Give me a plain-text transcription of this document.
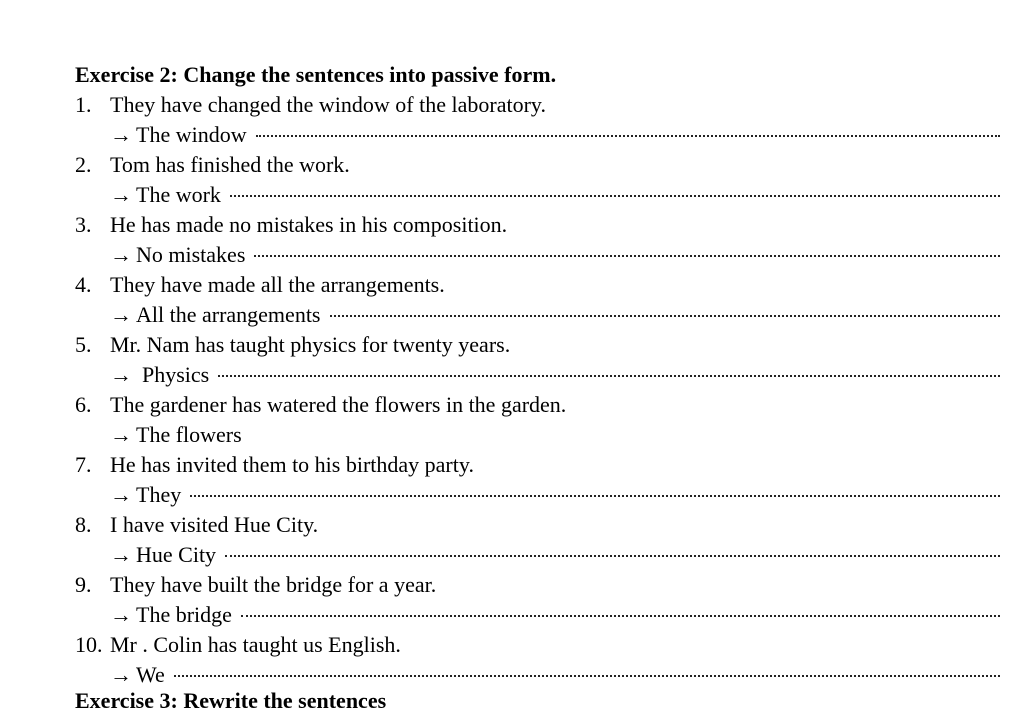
Exercise 2: Change the sentences into passive form.
1. They have changed the window of the laboratory.
→ The window
2. Tom has finished the work.
→ The work
3. He has made no mistakes in his composition.
→ No mistakes
4. They have made all the arrangements.
→ All the arrangements
5. Mr. Nam has taught physics for twenty years.
→ Physics
6. The gardener has watered the flowers in the garden.
→ The flowers
7. He has invited them to his birthday party.
→ They
8. I have visited Hue City.
→ Hue City
9. They have built the bridge for a year.
→ The bridge
10. Mr . Colin has taught us English.
→ We
Exercise 3: Rewrite the sentences
